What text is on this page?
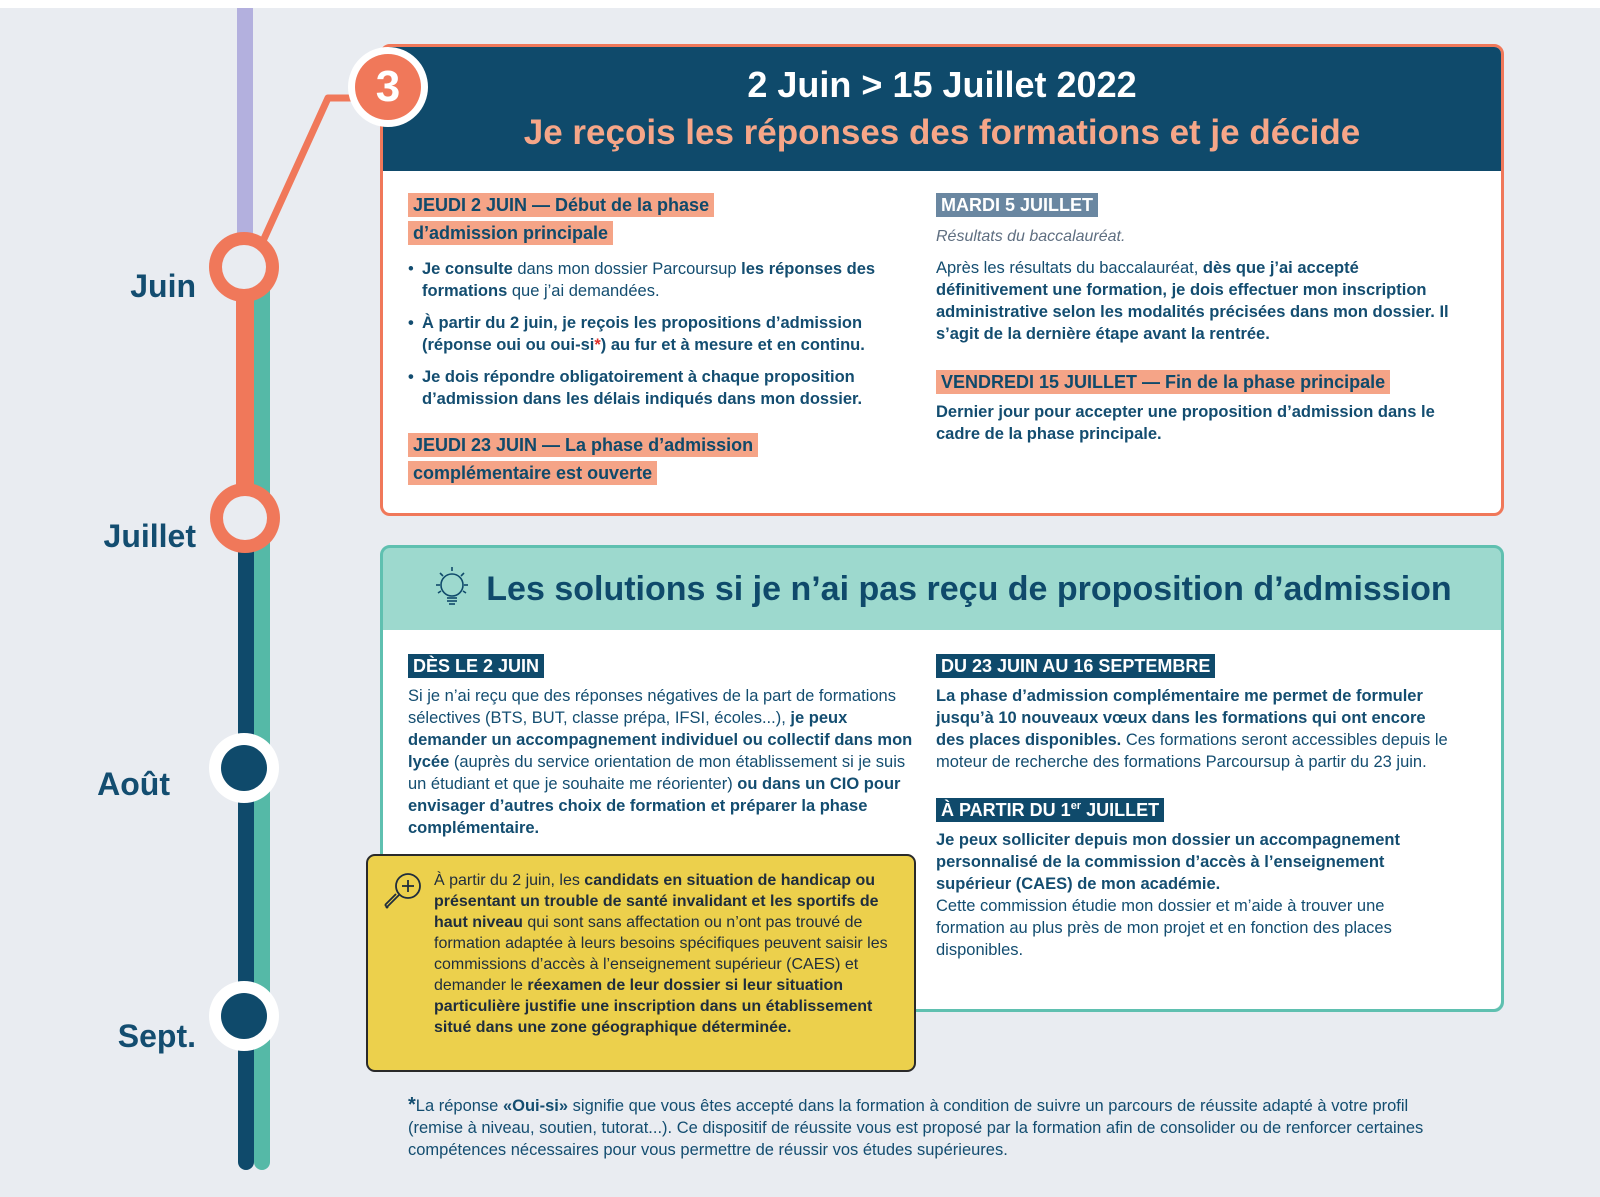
Juin
Juillet
Août
Sept.
2 Juin > 15 Juillet 2022
Je reçois les réponses des formations et je décide
JEUDI 2 JUIN — Début de la phase
d’admission principale
• Je consulte dans mon dossier Parcoursup les réponses des formations que j’ai demandées.
• À partir du 2 juin, je reçois les propositions d’admission (réponse oui ou oui-si*) au fur et à mesure et en continu.
• Je dois répondre obligatoirement à chaque proposition d’admission dans les délais indiqués dans mon dossier.
JEUDI 23 JUIN — La phase d’admission
complémentaire est ouverte
MARDI 5 JUILLET
Résultats du baccalauréat.
Après les résultats du baccalauréat, dès que j’ai accepté définitivement une formation, je dois effectuer mon inscription administrative selon les modalités précisées dans mon dossier. Il s’agit de la dernière étape avant la rentrée.
VENDREDI 15 JUILLET — Fin de la phase principale
Dernier jour pour accepter une proposition d’admission dans le cadre de la phase principale.
3
Les solutions si je n’ai pas reçu de proposition d’admission
DÈS LE 2 JUIN
Si je n’ai reçu que des réponses négatives de la part de formations sélectives (BTS, BUT, classe prépa, IFSI, écoles...), je peux demander un accompagnement individuel ou collectif dans mon lycée (auprès du service orientation de mon établissement si je suis un étudiant et que je souhaite me réorienter) ou dans un CIO pour envisager d’autres choix de formation et préparer la phase complémentaire.
DU 23 JUIN AU 16 SEPTEMBRE
La phase d’admission complémentaire me permet de formuler jusqu’à 10 nouveaux vœux dans les formations qui ont encore des places disponibles. Ces formations seront accessibles depuis le moteur de recherche des formations Parcoursup à partir du 23 juin.
À PARTIR DU 1er JUILLET
Je peux solliciter depuis mon dossier un accompagnement personnalisé de la commission d’accès à l’enseignement supérieur (CAES) de mon académie.
Cette commission étudie mon dossier et m’aide à trouver une formation au plus près de mon projet et en fonction des places disponibles.
À partir du 2 juin, les candidats en situation de handicap ou présentant un trouble de santé invalidant et les sportifs de haut niveau qui sont sans affectation ou n’ont pas trouvé de formation adaptée à leurs besoins spécifiques peuvent saisir les commissions d’accès à l’enseignement supérieur (CAES) et demander le réexamen de leur dossier si leur situation particulière justifie une inscription dans un établissement situé dans une zone géographique déterminée.
*La réponse «Oui-si» signifie que vous êtes accepté dans la formation à condition de suivre un parcours de réussite adapté à votre profil (remise à niveau, soutien, tutorat...). Ce dispositif de réussite vous est proposé par la formation afin de consolider ou de renforcer certaines compétences nécessaires pour vous permettre de réussir vos études supérieures.
